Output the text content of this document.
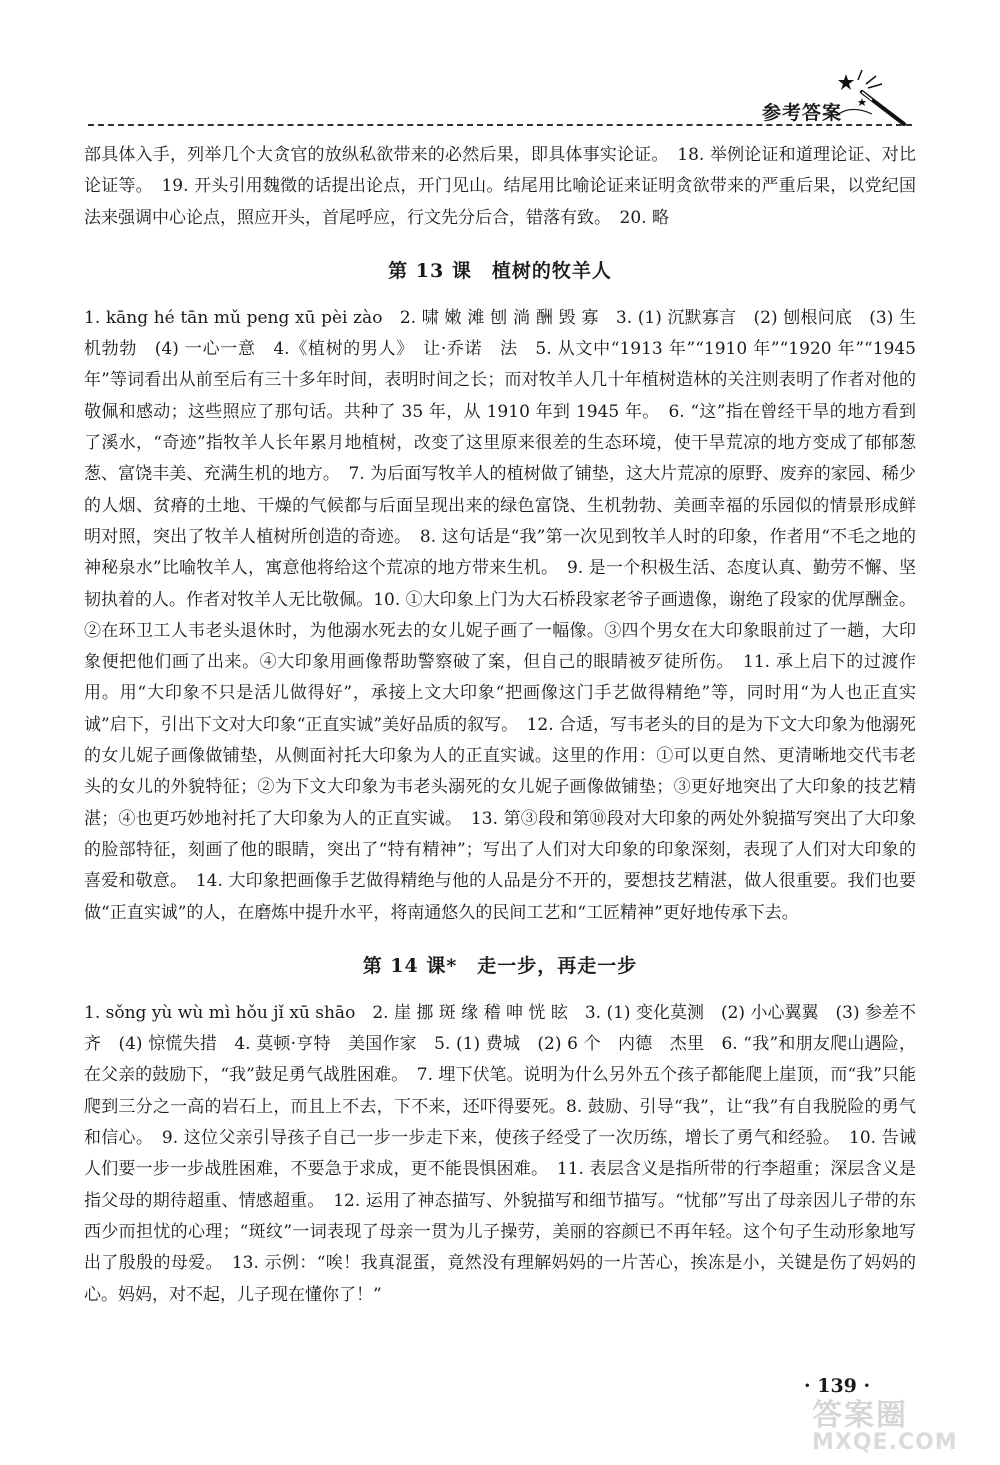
参考答案

部具体入手，列举几个大贪官的放纵私欲带来的必然后果，即具体事实论证。　18. 举例论证和道理论证、对比论证等。　19. 开头引用魏徵的话提出论点，开门见山。结尾用比喻论证来证明贪欲带来的严重后果，以党纪国法来强调中心论点，照应开头，首尾呼应，行文先分后合，错落有致。　20. 略

第 13 课　植树的牧羊人

1. kāng hé tān mǔ peng xū pèi zào　2. 啸 嫩 滩 刨 淌 酬 毁 寡　3. (1) 沉默寡言　(2) 刨根问底　(3) 生机勃勃　(4) 一心一意　4.《植树的男人》　让·乔诺　法　5. 从文中“1913 年”“1910 年”“1920 年”“1945 年”等词看出从前至后有三十多年时间，表明时间之长；而对牧羊人几十年植树造林的关注则表明了作者对他的敬佩和感动；这些照应了那句话。共种了 35 年，从 1910 年到 1945 年。　6. “这”指在曾经干旱的地方看到了溪水，“奇迹”指牧羊人长年累月地植树，改变了这里原来很差的生态环境，使干旱荒凉的地方变成了郁郁葱葱、富饶丰美、充满生机的地方。　7. 为后面写牧羊人的植树做了铺垫，这大片荒凉的原野、废弃的家园、稀少的人烟、贫瘠的土地、干燥的气候都与后面呈现出来的绿色富饶、生机勃勃、美画幸福的乐园似的情景形成鲜明对照，突出了牧羊人植树所创造的奇迹。　8. 这句话是“我”第一次见到牧羊人时的印象，作者用“不毛之地的神秘泉水”比喻牧羊人，寓意他将给这个荒凉的地方带来生机。　9. 是一个积极生活、态度认真、勤劳不懈、坚韧执着的人。作者对牧羊人无比敬佩。10. ①大印象上门为大石桥段家老爷子画遗像，谢绝了段家的优厚酬金。②在环卫工人韦老头退休时，为他溺水死去的女儿妮子画了一幅像。③四个男女在大印象眼前过了一趟，大印象便把他们画了出来。④大印象用画像帮助警察破了案，但自己的眼睛被歹徒所伤。　11. 承上启下的过渡作用。用“大印象不只是活儿做得好”，承接上文大印象“把画像这门手艺做得精绝”等，同时用“为人也正直实诚”启下，引出下文对大印象“正直实诚”美好品质的叙写。　12. 合适，写韦老头的目的是为下文大印象为他溺死的女儿妮子画像做铺垫，从侧面衬托大印象为人的正直实诚。这里的作用：①可以更自然、更清晰地交代韦老头的女儿的外貌特征；②为下文大印象为韦老头溺死的女儿妮子画像做铺垫；③更好地突出了大印象的技艺精湛；④也更巧妙地衬托了大印象为人的正直实诚。　13. 第③段和第⑩段对大印象的两处外貌描写突出了大印象的脸部特征，刻画了他的眼睛，突出了“特有精神”；写出了人们对大印象的印象深刻，表现了人们对大印象的喜爱和敬意。　14. 大印象把画像手艺做得精绝与他的人品是分不开的，要想技艺精湛，做人很重要。我们也要做“正直实诚”的人，在磨炼中提升水平，将南通悠久的民间工艺和“工匠精神”更好地传承下去。

第 14 课*　走一步，再走一步

1. sǒng yù wù mì hǒu jǐ xū shāo　2. 崖 挪 斑 缘 稽 呻 恍 眩　3. (1) 变化莫测　(2) 小心翼翼　(3) 参差不齐　(4) 惊慌失措　4. 莫顿·亨特　美国作家　5. (1) 费城　(2) 6 个　内德　杰里　6. “我”和朋友爬山遇险，在父亲的鼓励下，“我”鼓足勇气战胜困难。　7. 埋下伏笔。说明为什么另外五个孩子都能爬上崖顶，而“我”只能爬到三分之一高的岩石上，而且上不去，下不来，还吓得要死。8. 鼓励、引导“我”，让“我”有自我脱险的勇气和信心。　9. 这位父亲引导孩子自己一步一步走下来，使孩子经受了一次历练，增长了勇气和经验。　10. 告诫人们要一步一步战胜困难，不要急于求成，更不能畏惧困难。　11. 表层含义是指所带的行李超重；深层含义是指父母的期待超重、情感超重。　12. 运用了神态描写、外貌描写和细节描写。“忧郁”写出了母亲因儿子带的东西少而担忧的心理；“斑纹”一词表现了母亲一贯为儿子操劳，美丽的容颜已不再年轻。这个句子生动形象地写出了殷殷的母爱。　13. 示例：“唉！我真混蛋，竟然没有理解妈妈的一片苦心，挨冻是小，关键是伤了妈妈的心。妈妈，对不起，儿子现在懂你了！”

· 139 ·
答案圈
MXQE.COM
